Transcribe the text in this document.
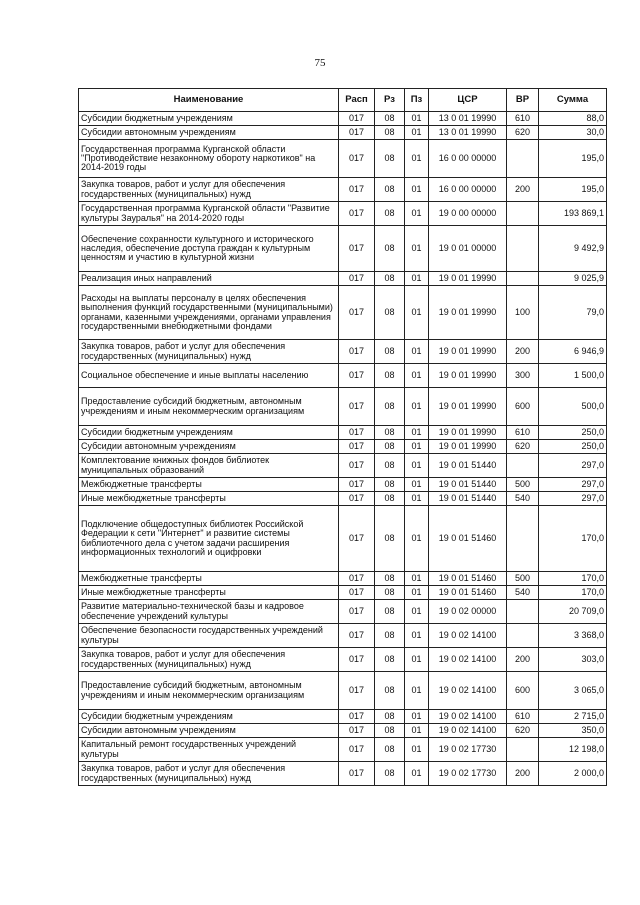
75
Наименование	Расп	Рз	Пз	ЦСР	ВР	Сумма
Субсидии бюджетным учреждениям	017	08	01	13 0 01 19990	610	88,0
Субсидии автономным учреждениям	017	08	01	13 0 01 19990	620	30,0
Государственная программа Курганской области "Противодействие незаконному обороту наркотиков" на 2014-2019 годы	017	08	01	16 0 00 00000		195,0
Закупка товаров, работ и услуг для обеспечения государственных (муниципальных) нужд	017	08	01	16 0 00 00000	200	195,0
Государственная программа Курганской области "Развитие культуры Зауралья" на 2014-2020 годы	017	08	01	19 0 00 00000		193 869,1
Обеспечение сохранности культурного и исторического наследия, обеспечение доступа граждан к культурным ценностям и участию в культурной жизни	017	08	01	19 0 01 00000		9 492,9
Реализация иных направлений	017	08	01	19 0 01 19990		9 025,9
Расходы на выплаты персоналу в целях обеспечения выполнения функций государственными (муниципальными) органами, казенными учреждениями, органами управления государственными внебюджетными фондами	017	08	01	19 0 01 19990	100	79,0
Закупка товаров, работ и услуг для обеспечения государственных (муниципальных) нужд	017	08	01	19 0 01 19990	200	6 946,9
Социальное обеспечение и иные выплаты населению	017	08	01	19 0 01 19990	300	1 500,0
Предоставление субсидий бюджетным, автономным учреждениям и иным некоммерческим организациям	017	08	01	19 0 01 19990	600	500,0
Субсидии бюджетным учреждениям	017	08	01	19 0 01 19990	610	250,0
Субсидии автономным учреждениям	017	08	01	19 0 01 19990	620	250,0
Комплектование книжных фондов библиотек муниципальных образований	017	08	01	19 0 01 51440		297,0
Межбюджетные трансферты	017	08	01	19 0 01 51440	500	297,0
Иные межбюджетные трансферты	017	08	01	19 0 01 51440	540	297,0
Подключение общедоступных библиотек Российской Федерации к сети "Интернет" и развитие системы библиотечного дела с учетом задачи расширения информационных технологий и оцифровки	017	08	01	19 0 01 51460		170,0
Межбюджетные трансферты	017	08	01	19 0 01 51460	500	170,0
Иные межбюджетные трансферты	017	08	01	19 0 01 51460	540	170,0
Развитие материально-технической базы и кадровое обеспечение учреждений культуры	017	08	01	19 0 02 00000		20 709,0
Обеспечение безопасности государственных учреждений культуры	017	08	01	19 0 02 14100		3 368,0
Закупка товаров, работ и услуг для обеспечения государственных (муниципальных) нужд	017	08	01	19 0 02 14100	200	303,0
Предоставление субсидий бюджетным, автономным учреждениям и иным некоммерческим организациям	017	08	01	19 0 02 14100	600	3 065,0
Субсидии бюджетным учреждениям	017	08	01	19 0 02 14100	610	2 715,0
Субсидии автономным учреждениям	017	08	01	19 0 02 14100	620	350,0
Капитальный ремонт государственных учреждений культуры	017	08	01	19 0 02 17730		12 198,0
Закупка товаров, работ и услуг для обеспечения государственных (муниципальных) нужд	017	08	01	19 0 02 17730	200	2 000,0
